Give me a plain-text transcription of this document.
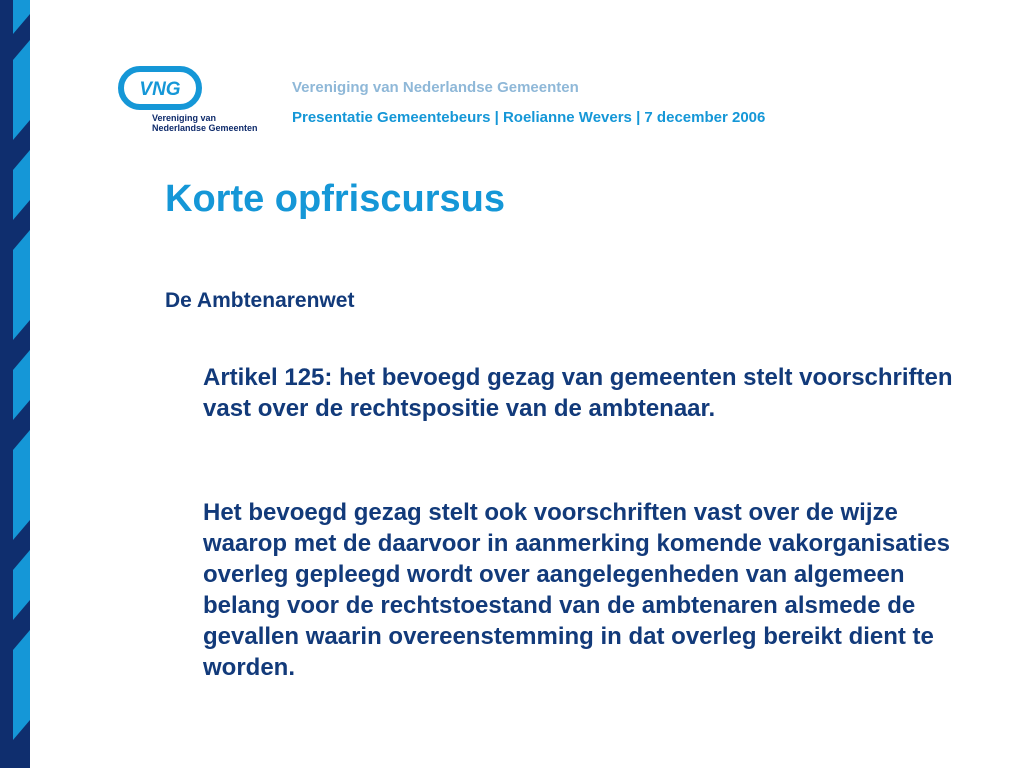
VNG
Vereniging van
Nederlandse Gemeenten
Vereniging van Nederlandse Gemeenten
Presentatie Gemeentebeurs | Roelianne Wevers | 7 december 2006
Korte opfriscursus
De Ambtenarenwet

Artikel 125: het bevoegd gezag van gemeenten stelt voorschriften vast over de rechtspositie van de ambtenaar.

Het bevoegd gezag stelt ook voorschriften vast over de wijze waarop met de daarvoor in aanmerking komende vakorganisaties overleg gepleegd wordt over aangelegenheden van algemeen belang voor de rechtstoestand van de ambtenaren alsmede de gevallen waarin overeenstemming in dat overleg bereikt dient te worden.
